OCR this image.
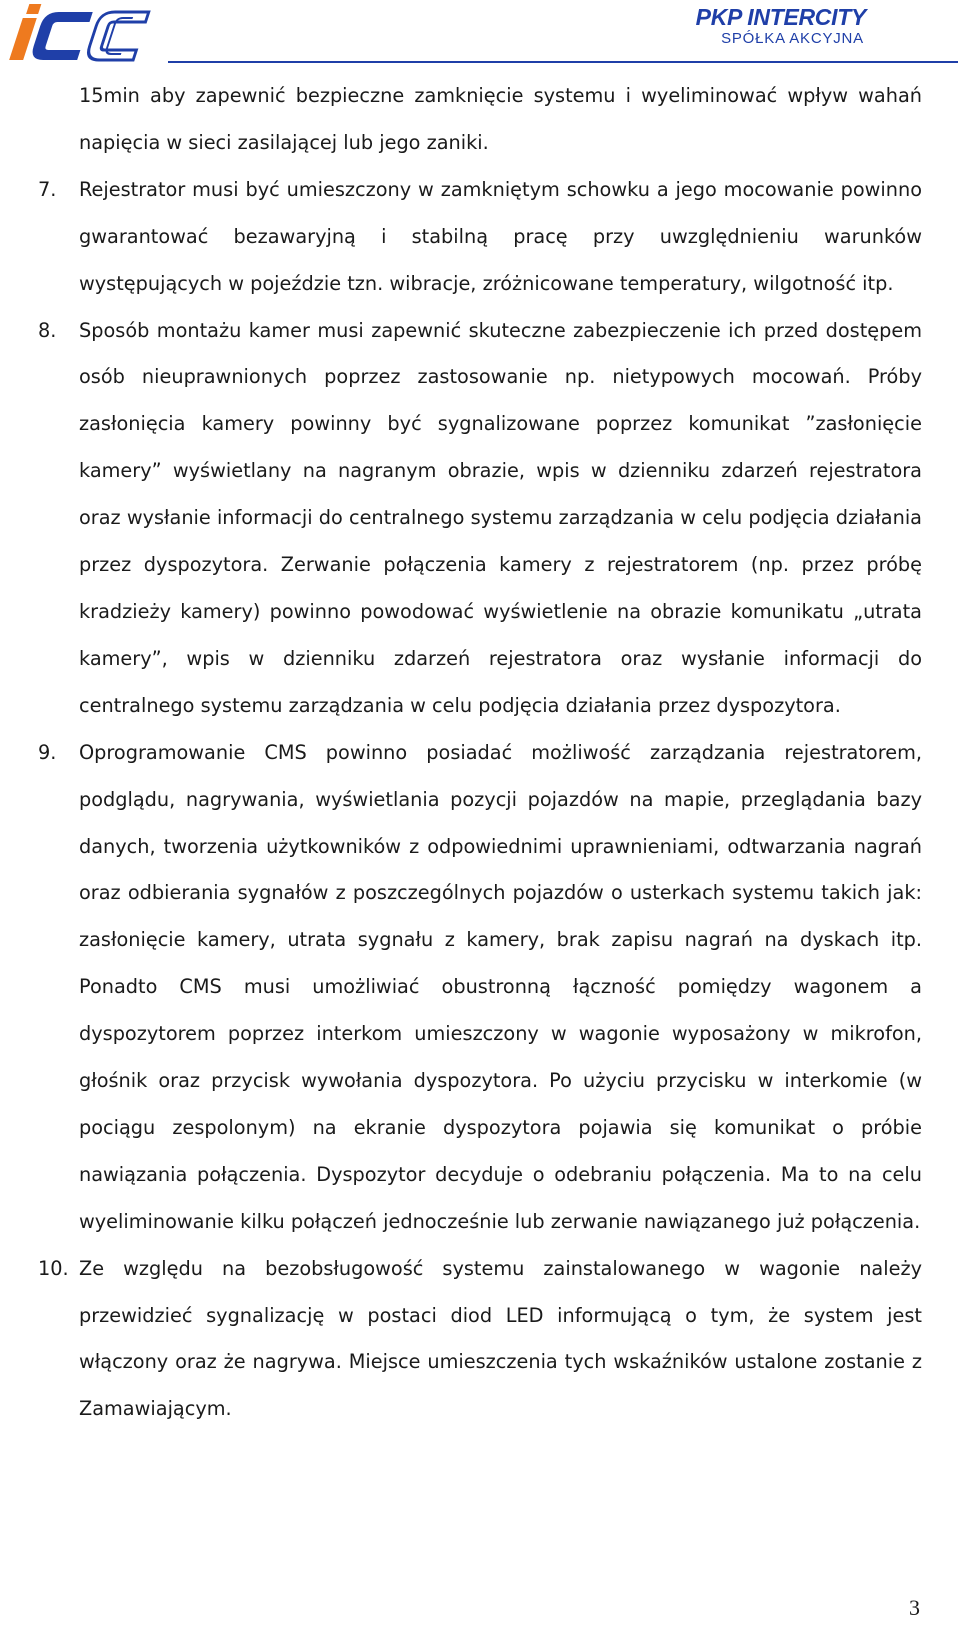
PKP INTERCITY
SPÓŁKA AKCYJNA

15min aby zapewnić bezpieczne zamknięcie systemu i wyeliminować wpływ wahań napięcia w sieci zasilającej lub jego zaniki.

7.	Rejestrator musi być umieszczony w zamkniętym schowku a jego mocowanie powinno gwarantować bezawaryjną i stabilną pracę przy uwzględnieniu warunków występujących w pojeździe tzn. wibracje, zróżnicowane temperatury, wilgotność itp.

8.	Sposób montażu kamer musi zapewnić skuteczne zabezpieczenie ich przed dostępem osób nieuprawnionych poprzez zastosowanie np. nietypowych mocowań. Próby zasłonięcia kamery powinny być sygnalizowane poprzez komunikat ”zasłonięcie kamery” wyświetlany na nagranym obrazie, wpis w dzienniku zdarzeń rejestratora oraz wysłanie informacji do centralnego systemu zarządzania w celu podjęcia działania przez dyspozytora. Zerwanie połączenia kamery z rejestratorem (np. przez próbę kradzieży kamery) powinno powodować wyświetlenie na obrazie komunikatu „utrata kamery”, wpis w dzienniku zdarzeń rejestratora oraz wysłanie informacji do centralnego systemu zarządzania w celu podjęcia działania przez dyspozytora.

9.	Oprogramowanie CMS powinno posiadać możliwość zarządzania rejestratorem, podglądu, nagrywania, wyświetlania pozycji pojazdów na mapie, przeglądania bazy danych, tworzenia użytkowników z odpowiednimi uprawnieniami, odtwarzania nagrań oraz odbierania sygnałów z poszczególnych pojazdów o usterkach systemu takich jak: zasłonięcie kamery, utrata sygnału z kamery, brak zapisu nagrań na dyskach itp. Ponadto CMS musi umożliwiać obustronną łączność pomiędzy wagonem a dyspozytorem poprzez interkom umieszczony w wagonie wyposażony w mikrofon, głośnik oraz przycisk wywołania dyspozytora. Po użyciu przycisku w interkomie (w pociągu zespolonym) na ekranie dyspozytora pojawia się komunikat o próbie nawiązania połączenia. Dyspozytor decyduje o odebraniu połączenia. Ma to na celu wyeliminowanie kilku połączeń jednocześnie lub zerwanie nawiązanego już połączenia.

10. Ze względu na bezobsługowość systemu zainstalowanego w wagonie należy przewidzieć sygnalizację w postaci diod LED informującą o tym, że system jest włączony oraz że nagrywa. Miejsce umieszczenia tych wskaźników ustalone zostanie z Zamawiającym.

3
